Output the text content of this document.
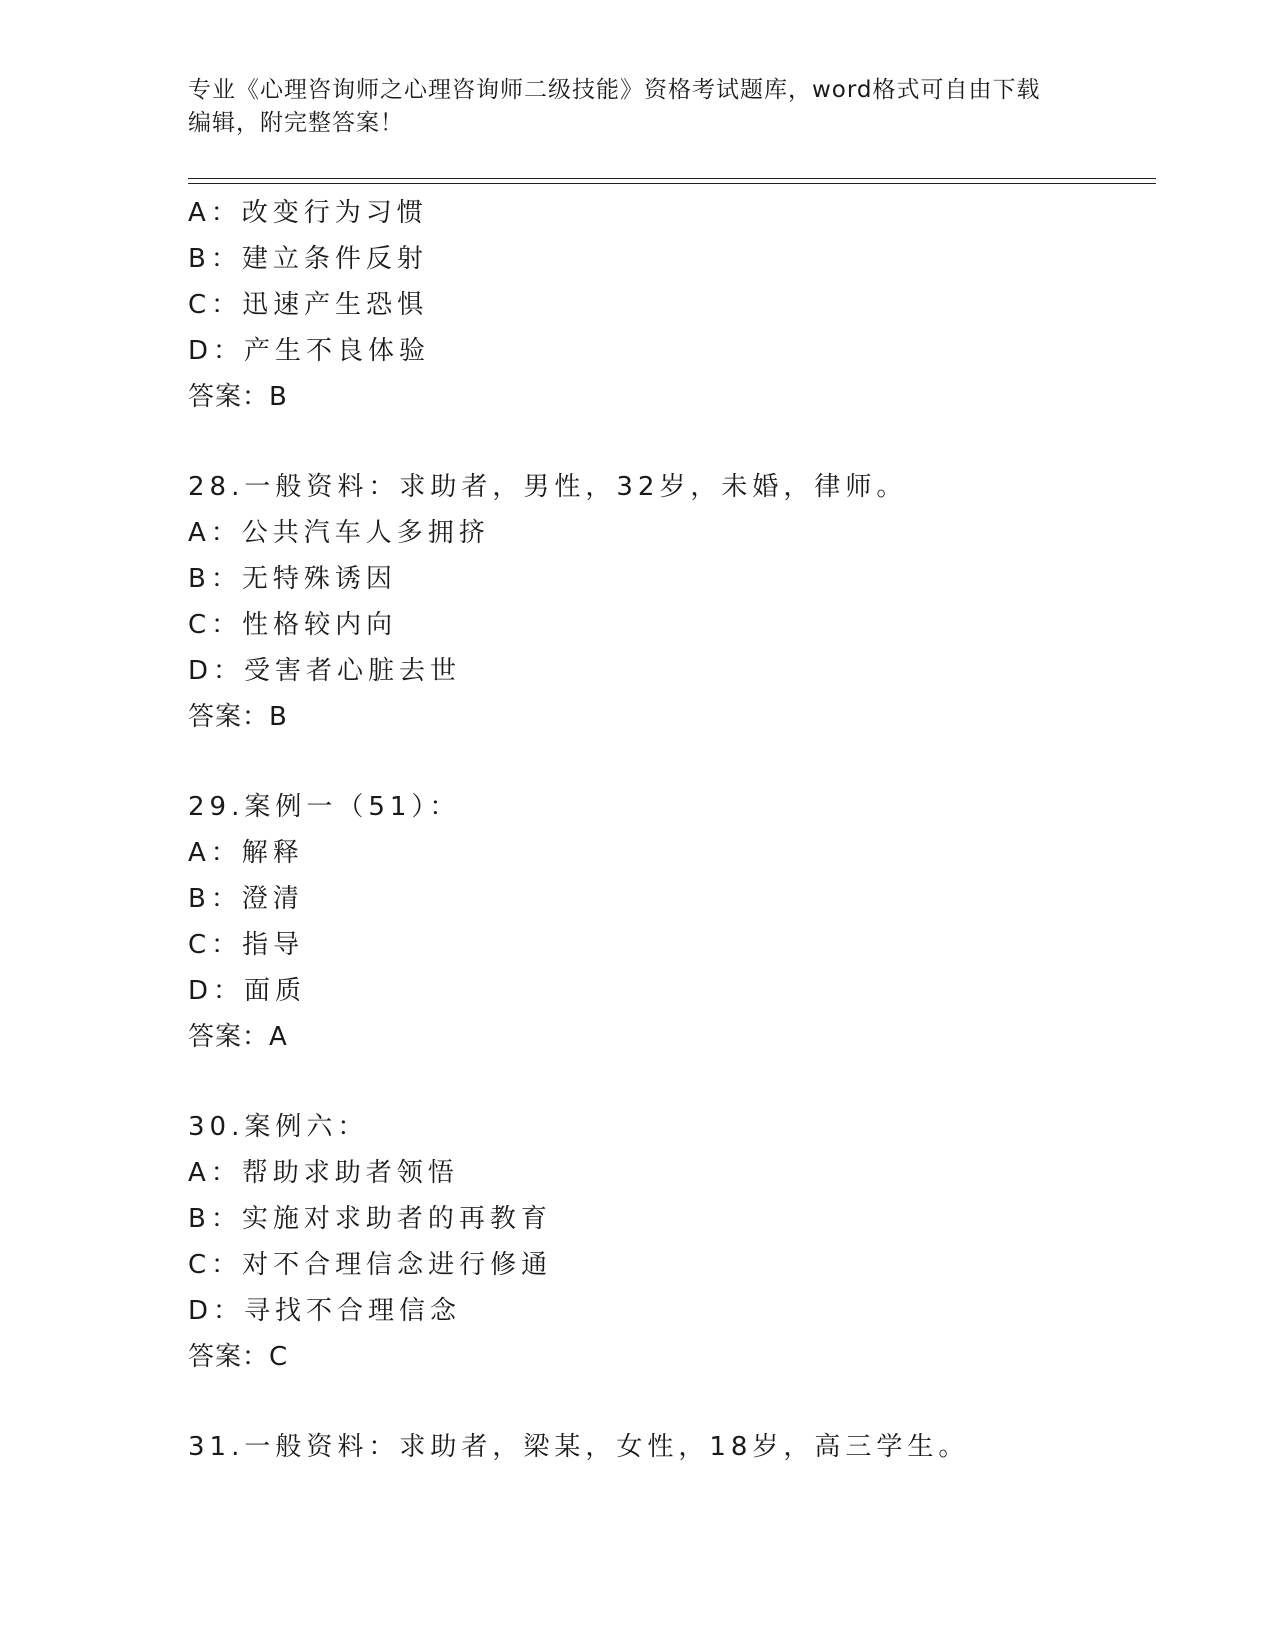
专业《心理咨询师之心理咨询师二级技能》资格考试题库，word格式可自由下载
编辑，附完整答案！
A：改变行为习惯
B：建立条件反射
C：迅速产生恐惧
D：产生不良体验
答案：B
28.一般资料：求助者，男性，32岁，未婚，律师。
A：公共汽车人多拥挤
B：无特殊诱因
C：性格较内向
D：受害者心脏去世
答案：B
29.案例一（51）：
A：解释
B：澄清
C：指导
D：面质
答案：A
30.案例六：
A：帮助求助者领悟
B：实施对求助者的再教育
C：对不合理信念进行修通
D：寻找不合理信念
答案：C
31.一般资料：求助者，梁某，女性，18岁，高三学生。
